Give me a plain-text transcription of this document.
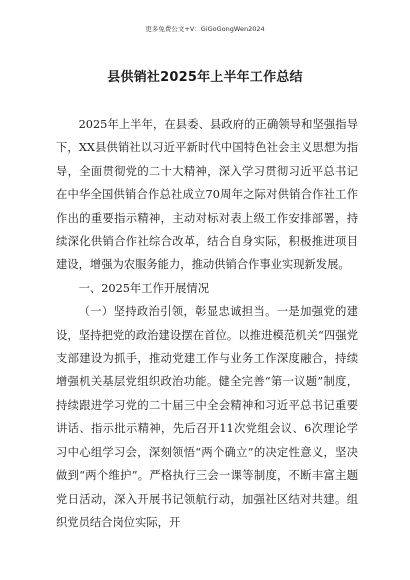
更多免费公文+V：GiGoGongWen2024
县供销社2025年上半年工作总结

2025年上半年，在县委、县政府的正确领导和坚强指导下，XX县供销社以习近平新时代中国特色社会主义思想为指导，全面贯彻党的二十大精神，深入学习贯彻习近平总书记在中华全国供销合作总社成立70周年之际对供销合作社工作作出的重要指示精神，主动对标对表上级工作安排部署，持续深化供销合作社综合改革，结合自身实际，积极推进项目建设，增强为农服务能力，推动供销合作事业实现新发展。

一、2025年工作开展情况

（一）坚持政治引领，彰显忠诚担当。一是加强党的建设，坚持把党的政治建设摆在首位。以推进模范机关“四强党支部建设为抓手，推动党建工作与业务工作深度融合，持续增强机关基层党组织政治功能。健全完善“第一议题”制度，持续跟进学习党的二十届三中全会精神和习近平总书记重要讲话、指示批示精神，先后召开11次党组会议、6次理论学习中心组学习会，深刻领悟“两个确立”的决定性意义，坚决做到“两个维护”。严格执行三会一课等制度，不断丰富主题党日活动，深入开展书记领航行动，加强社区结对共建。组织党员结合岗位实际，开
